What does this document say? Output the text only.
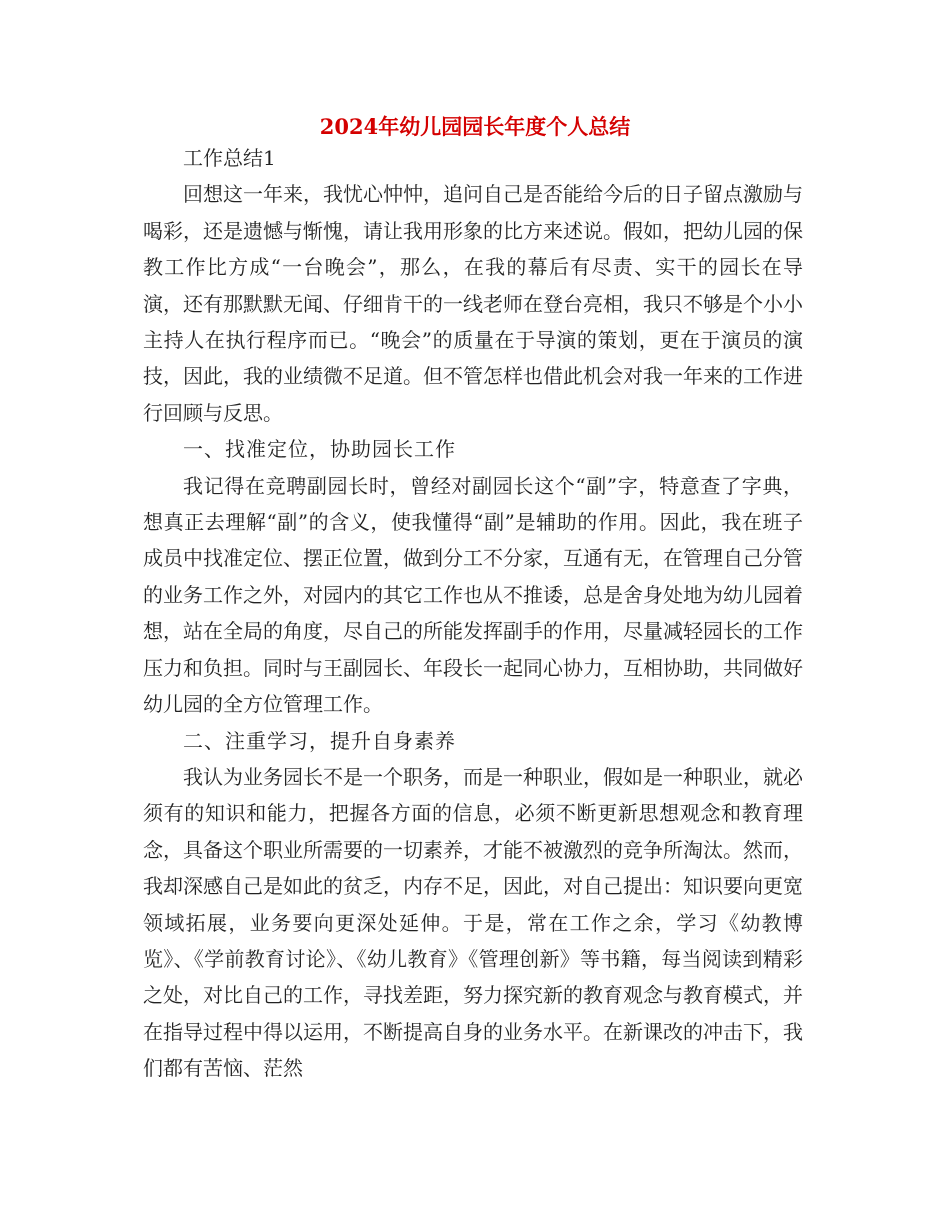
2024年幼儿园园长年度个人总结

工作总结1

回想这一年来，我忧心忡忡，追问自己是否能给今后的日子留点激励与喝彩，还是遗憾与惭愧，请让我用形象的比方来述说。假如，把幼儿园的保教工作比方成“一台晚会”，那么，在我的幕后有尽责、实干的园长在导演，还有那默默无闻、仔细肯干的一线老师在登台亮相，我只不够是个小小主持人在执行程序而已。“晚会”的质量在于导演的策划，更在于演员的演技，因此，我的业绩微不足道。但不管怎样也借此机会对我一年来的工作进行回顾与反思。

一、找准定位，协助园长工作

我记得在竞聘副园长时，曾经对副园长这个“副”字，特意查了字典，想真正去理解“副”的含义，使我懂得“副”是辅助的作用。因此，我在班子成员中找准定位、摆正位置，做到分工不分家，互通有无，在管理自己分管的业务工作之外，对园内的其它工作也从不推诿，总是舍身处地为幼儿园着想，站在全局的角度，尽自己的所能发挥副手的作用，尽量减轻园长的工作压力和负担。同时与王副园长、年段长一起同心协力，互相协助，共同做好幼儿园的全方位管理工作。

二、注重学习，提升自身素养

我认为业务园长不是一个职务，而是一种职业，假如是一种职业，就必须有的知识和能力，把握各方面的信息，必须不断更新思想观念和教育理念，具备这个职业所需要的一切素养，才能不被激烈的竞争所淘汰。然而，我却深感自己是如此的贫乏，内存不足，因此，对自己提出：知识要向更宽领域拓展，业务要向更深处延伸。于是，常在工作之余，学习《幼教博览》、《学前教育讨论》、《幼儿教育》《管理创新》等书籍，每当阅读到精彩之处，对比自己的工作，寻找差距，努力探究新的教育观念与教育模式，并在指导过程中得以运用，不断提高自身的业务水平。在新课改的冲击下，我们都有苦恼、茫然
